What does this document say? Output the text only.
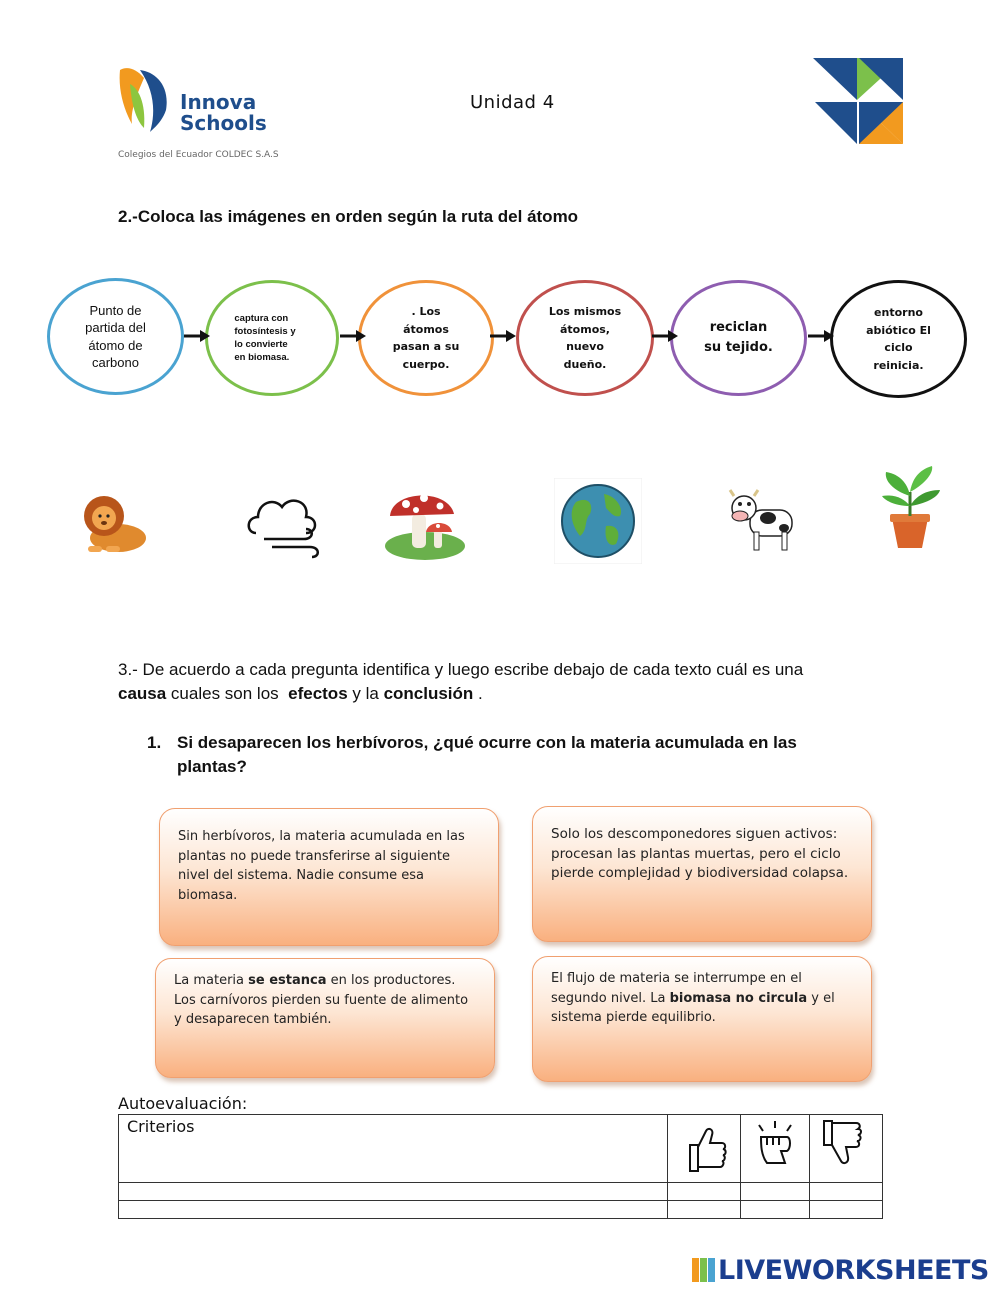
Innova
Schools
Colegios del Ecuador COLDEC S.A.S
Unidad 4
2.-Coloca las imágenes en orden según la ruta del átomo
Punto de
partida del
átomo de
carbono
captura con
fotosíntesis y
lo convierte
en biomasa.
. Los
átomos
pasan a su
cuerpo.
Los mismos
átomos,
nuevo
dueño.
reciclan
su tejido.
entorno
abiótico El
ciclo
reinicia.
3.- De acuerdo a cada pregunta identifica y luego escribe debajo de cada texto cuál es una
causa cuales son los  efectos y la conclusión .
1. Si desaparecen los herbívoros, ¿qué ocurre con la materia acumulada en las plantas?
Sin herbívoros, la materia acumulada en las plantas no puede transferirse al siguiente nivel del sistema. Nadie consume esa biomasa.
Solo los descomponedores siguen activos: procesan las plantas muertas, pero el ciclo pierde complejidad y biodiversidad colapsa.
La materia se estanca en los productores. Los carnívoros pierden su fuente de alimento y desaparecen también.
El flujo de materia se interrumpe en el segundo nivel. La biomasa no circula y el sistema pierde equilibrio.
Autoevaluación:
Criterios			

LIVEWORKSHEETS
